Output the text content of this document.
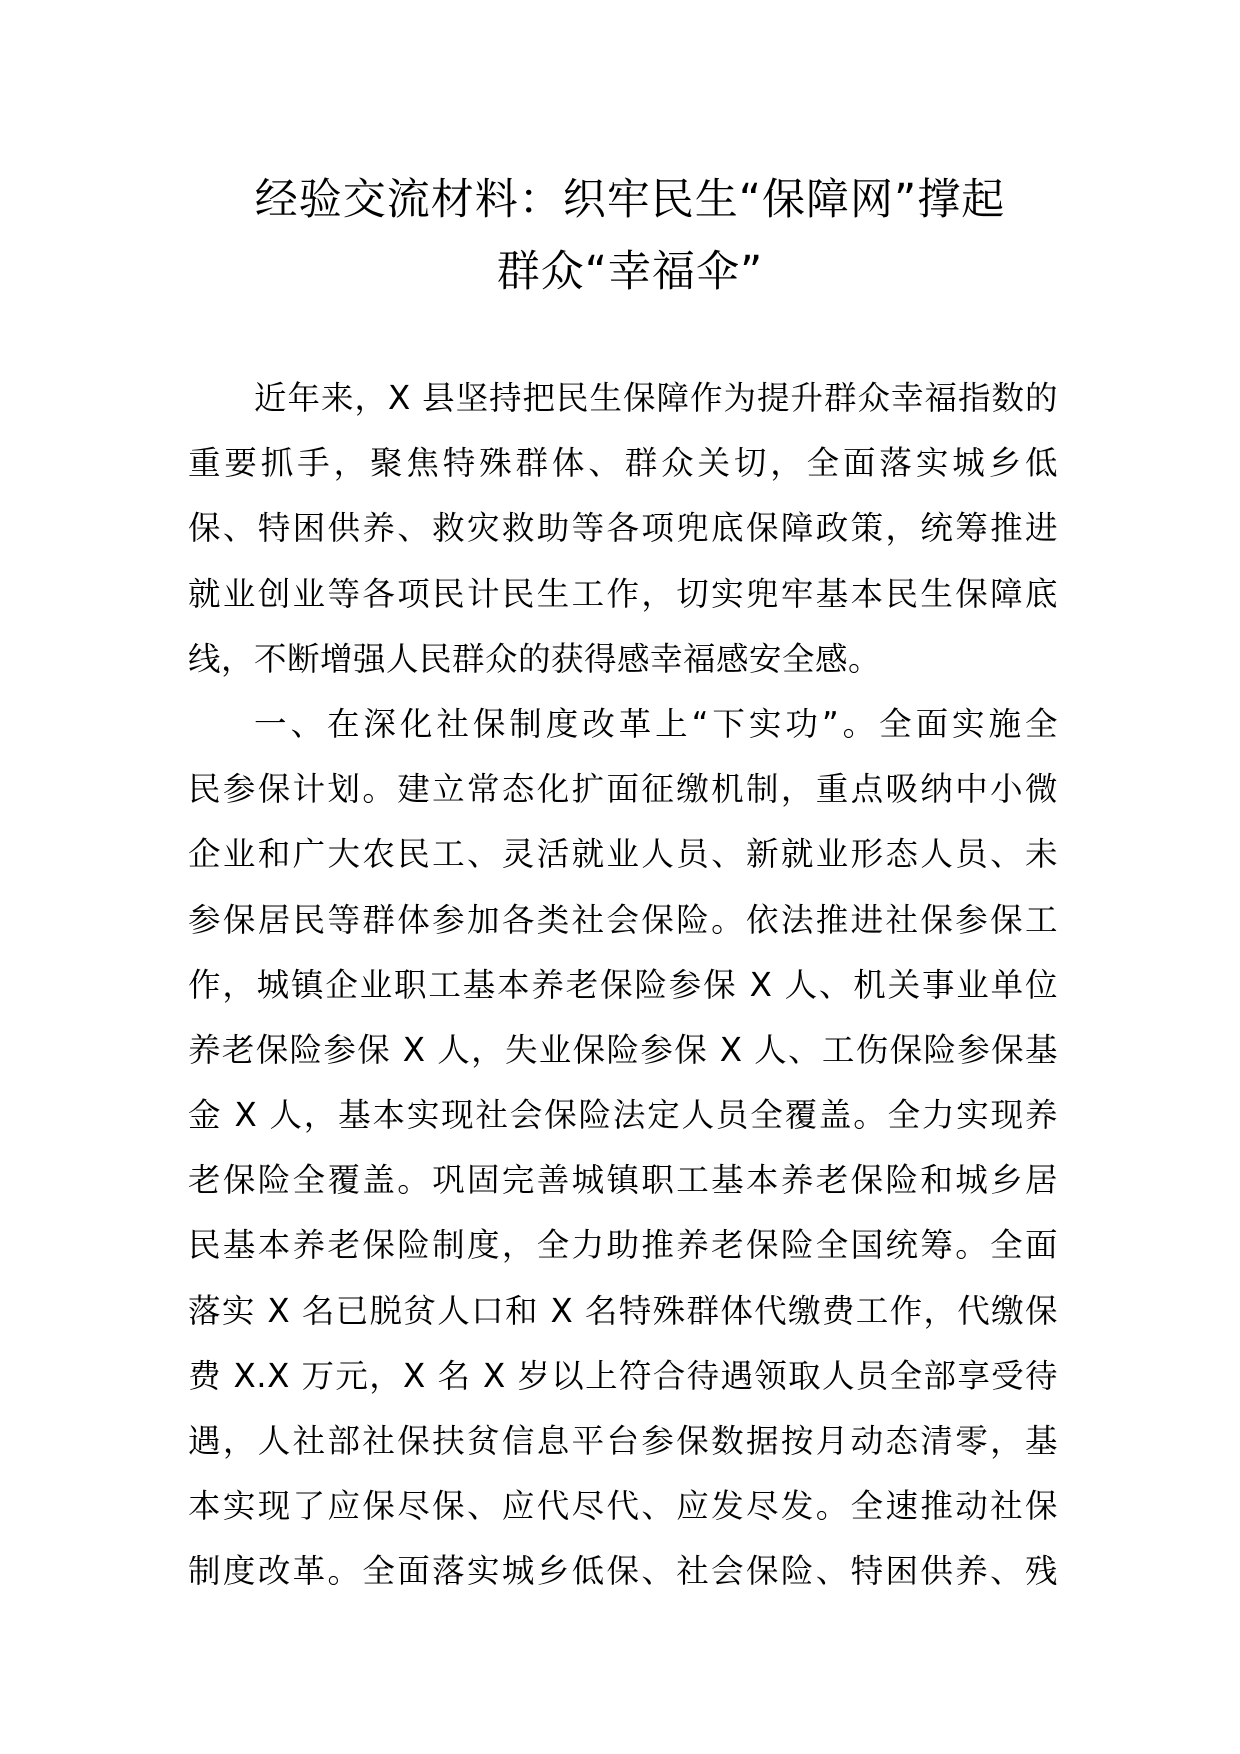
经验交流材料：织牢民生“保障网”撑起
群众“幸福伞”
近年来，X 县坚持把民生保障作为提升群众幸福指数的
重要抓手，聚焦特殊群体、群众关切，全面落实城乡低
保、特困供养、救灾救助等各项兜底保障政策，统筹推进
就业创业等各项民计民生工作，切实兜牢基本民生保障底
线，不断增强人民群众的获得感幸福感安全感。
一、在深化社保制度改革上“下实功”。全面实施全
民参保计划。建立常态化扩面征缴机制，重点吸纳中小微
企业和广大农民工、灵活就业人员、新就业形态人员、未
参保居民等群体参加各类社会保险。依法推进社保参保工
作，城镇企业职工基本养老保险参保 X 人、机关事业单位
养老保险参保 X 人，失业保险参保 X 人、工伤保险参保基
金 X 人，基本实现社会保险法定人员全覆盖。全力实现养
老保险全覆盖。巩固完善城镇职工基本养老保险和城乡居
民基本养老保险制度，全力助推养老保险全国统筹。全面
落实 X 名已脱贫人口和 X 名特殊群体代缴费工作，代缴保
费 X.X 万元，X 名 X 岁以上符合待遇领取人员全部享受待
遇，人社部社保扶贫信息平台参保数据按月动态清零，基
本实现了应保尽保、应代尽代、应发尽发。全速推动社保
制度改革。全面落实城乡低保、社会保险、特困供养、残
